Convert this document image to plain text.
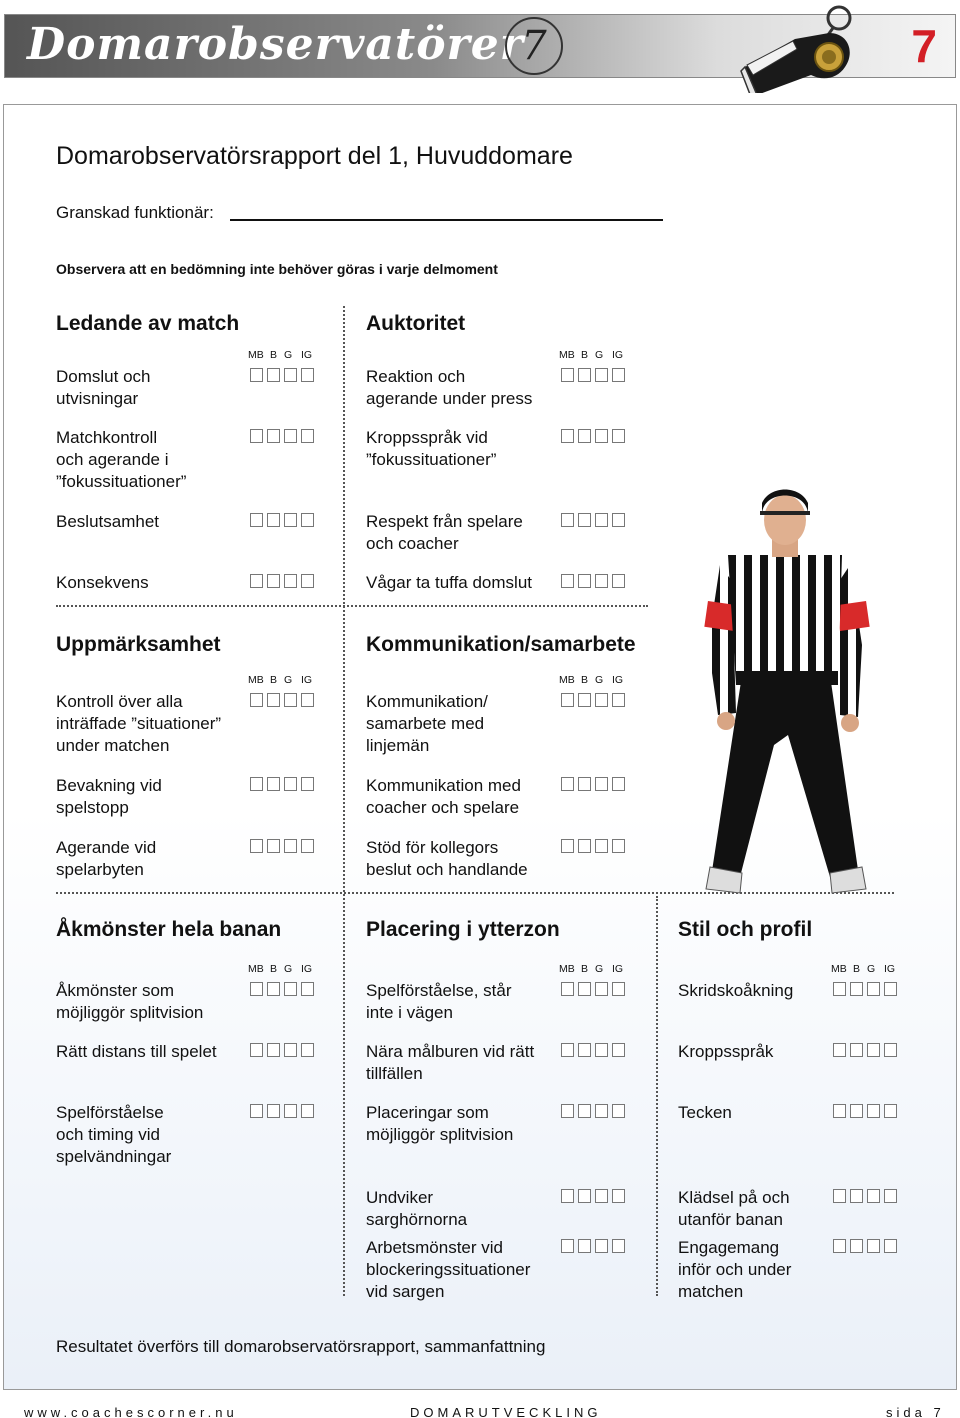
Domarobservatörer
7	7
Domarobservatörsrapport del 1, Huvuddomare
Granskad funktionär:
Observera att en bedömning inte behöver göras i varje delmoment
Ledande av match
MB B G IG
Domslut och
utvisningar
Matchkontroll
och agerande i
”fokussituationer”
Beslutsamhet
Konsekvens
Auktoritet
MB B G IG
Reaktion och
agerande under press
Kroppsspråk vid
”fokussituationer”
Respekt från spelare
och coacher
Vågar ta tuffa domslut
Uppmärksamhet
MB B G IG
Kontroll över alla
inträffade ”situationer”
under matchen
Bevakning vid
spelstopp
Agerande vid
spelarbyten
Kommunikation/samarbete
MB B G IG
Kommunikation/
samarbete med
linjemän
Kommunikation med
coacher och spelare
Stöd för kollegors
beslut och handlande
Åkmönster hela banan
MB B G IG
Åkmönster som
möjliggör splitvision
Rätt distans till spelet
Spelförståelse
och timing vid
spelvändningar
Placering i ytterzon
MB B G IG
Spelförståelse, står
inte i vägen
Nära målburen vid rätt
tillfällen
Placeringar som
möjliggör splitvision
Undviker
sarghörnorna
Arbetsmönster vid
blockeringssituationer
vid sargen
Stil och profil
MB B G IG
Skridskoåkning
Kroppsspråk
Tecken
Klädsel på och
utanför banan
Engagemang
inför och under
matchen
Resultatet överförs till domarobservatörsrapport, sammanfattning
www.coachescorner.nu	DOMARUTVECKLING	sida 7
